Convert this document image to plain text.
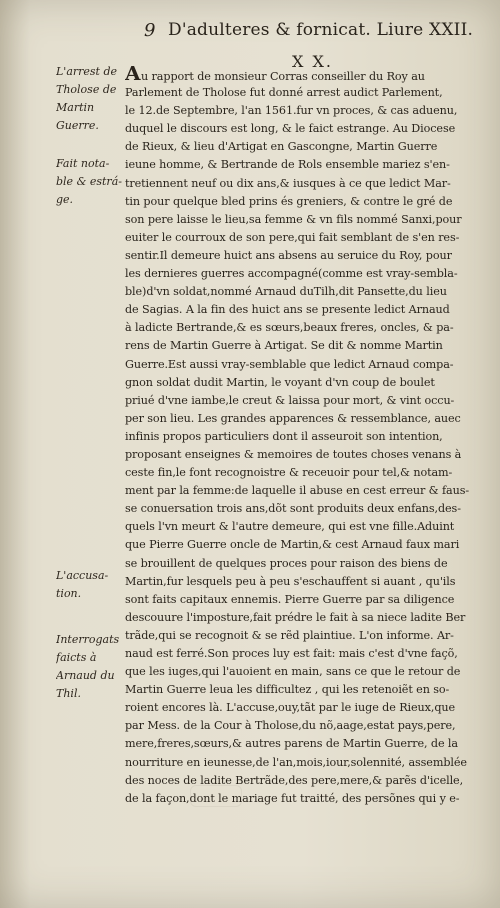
9 D'adulteres & fornicat. Liure XXII.
X X.
L'arrest de
Tholose de
Martin
Guerre.
Fait nota-
ble & estrá-
ge.
L'accusa-
tion.
Interrogats
faicts à
Arnaud du
Thil.
Au rapport de monsieur Corras conseiller du Roy au
Parlement de Tholose fut donné arrest audict Parlement,
le 12.de Septembre, l'an 1561.fur vn proces, & cas aduenu,
duquel le discours est long, & le faict estrange. Au Diocese
de Rieux, & lieu d'Artigat en Gascongne, Martin Guerre
ieune homme, & Bertrande de Rols ensemble mariez s'en-
tretiennent neuf ou dix ans,& iusques à ce que ledict Mar-
tin pour quelque bled prins és greniers, & contre le gré de
son pere laisse le lieu,sa femme & vn fils nommé Sanxi,pour
euiter le courroux de son pere,qui fait semblant de s'en res-
sentir.Il demeure huict ans absens au seruice du Roy, pour
les dernieres guerres accompagné(comme est vray-sembla-
ble)d'vn soldat,nommé Arnaud duTilh,dit Pansette,du lieu
de Sagias. A la fin des huict ans se presente ledict Arnaud
à ladicte Bertrande,& es sœurs,beaux freres, oncles, & pa-
rens de Martin Guerre à Artigat. Se dit & nomme Martin
Guerre.Est aussi vray-semblable que ledict Arnaud compa-
gnon soldat dudit Martin, le voyant d'vn coup de boulet
priué d'vne iambe,le creut & laissa pour mort, & vint occu-
per son lieu. Les grandes apparences & ressemblance, auec
infinis propos particuliers dont il asseuroit son intention,
proposant enseignes & memoires de toutes choses venans à
ceste fin,le font recognoistre & receuoir pour tel,& notam-
ment par la femme:de laquelle il abuse en cest erreur & faus-
se conuersation trois ans,dõt sont produits deux enfans,des-
quels l'vn meurt & l'autre demeure, qui est vne fille.Aduint
que Pierre Guerre oncle de Martin,& cest Arnaud faux mari
se brouillent de quelques proces pour raison des biens de
Martin,fur lesquels peu à peu s'eschauffent si auant , qu'ils
sont faits capitaux ennemis. Pierre Guerre par sa diligence
descouure l'imposture,fait prédre le fait à sa niece ladite Ber
trãde,qui se recognoit & se rẽd plaintiue. L'on informe. Ar-
naud est ferré.Son proces luy est fait: mais c'est d'vne façõ,
que les iuges,qui l'auoient en main, sans ce que le retour de
Martin Guerre leua les difficultez , qui les retenoiẽt en so-
roient encores là. L'accuse,ouy,tãt par le iuge de Rieux,que
par Mess. de la Cour à Tholose,du nõ,aage,estat pays,pere,
mere,freres,sœurs,& autres parens de Martin Guerre, de la
nourriture en ieunesse,de l'an,mois,iour,solennité, assemblée
des noces de ladite Bertrãde,des pere,mere,& parẽs d'icelle,
de la façon,dont le mariage fut traitté, des persõnes qui y e-
